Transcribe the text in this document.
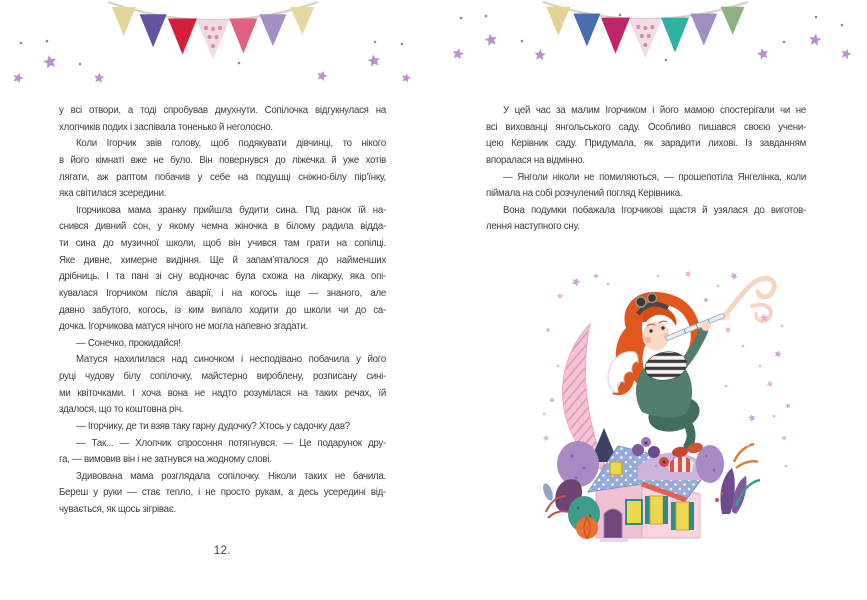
у всі отвори, а тоді спробував дмухнути. Сопілочка відгукнулася на
хлопчиків подих і заспівала тоненько й неголосно.
Коли Ігорчик звів голову, щоб подякувати дівчинці, то нікого
в його кімнаті вже не було. Він повернувся до ліжечка й уже хотів
лягати, аж раптом побачив у себе на подушці сніжно-білу пір’їнку,
яка світилася зсередини.
Ігорчикова мама зранку прийшла будити сина. Під ранок їй на-
снився дивний сон, у якому чемна жіночка в білому радила відда-
ти сина до музичної школи, щоб він учився там грати на сопілці.
Яке дивне, химерне видіння. Ще й запам’яталося до найменших
дрібниць. І та пані зі сну водночас була схожа на лікарку, яка опі-
кувалася Ігорчиком після аварії, і на когось іще — знаного, але
давно забутого, когось, із ким випало ходити до школи чи до са-
дочка. Ігорчикова матуся нічого не могла напевно згадати.
— Сонечко, прокидайся!
Матуся нахилилася над синочком і несподівано побачила у його
руці чудову білу сопілочку, майстерно вироблену, розписану сині-
ми квіточками. І хоча вона не надто розумілася на таких речах, їй
здалося, що то коштовна річ.
— Ігорчику, де ти взяв таку гарну дудочку? Хтось у садочку дав?
— Так... — Хлопчик спросоння потягнувся. — Це подарунок дру-
га, — вимовив він і не затнувся на жодному слові.
Здивована мама розглядала сопілочку. Ніколи таких не бачила.
Береш у руки — стає тепло, і не просто рукам, а десь усередині від-
чувається, як щось зігріває.
У цей час за малим Ігорчиком і його мамою спостерігали чи не
всі вихованці янгольського саду. Особливо пишався своєю учени-
цею Керівник саду. Придумала, як зарадити лихові. Із завданням
впоралася на відмінно.
— Янголи ніколи не помиляються, — прошепотіла Янгелінка, коли
піймала на собі розчулений погляд Керівника.
Вона подумки побажала Ігорчикові щастя й узялася до виготов-
лення наступного сну.
12.
